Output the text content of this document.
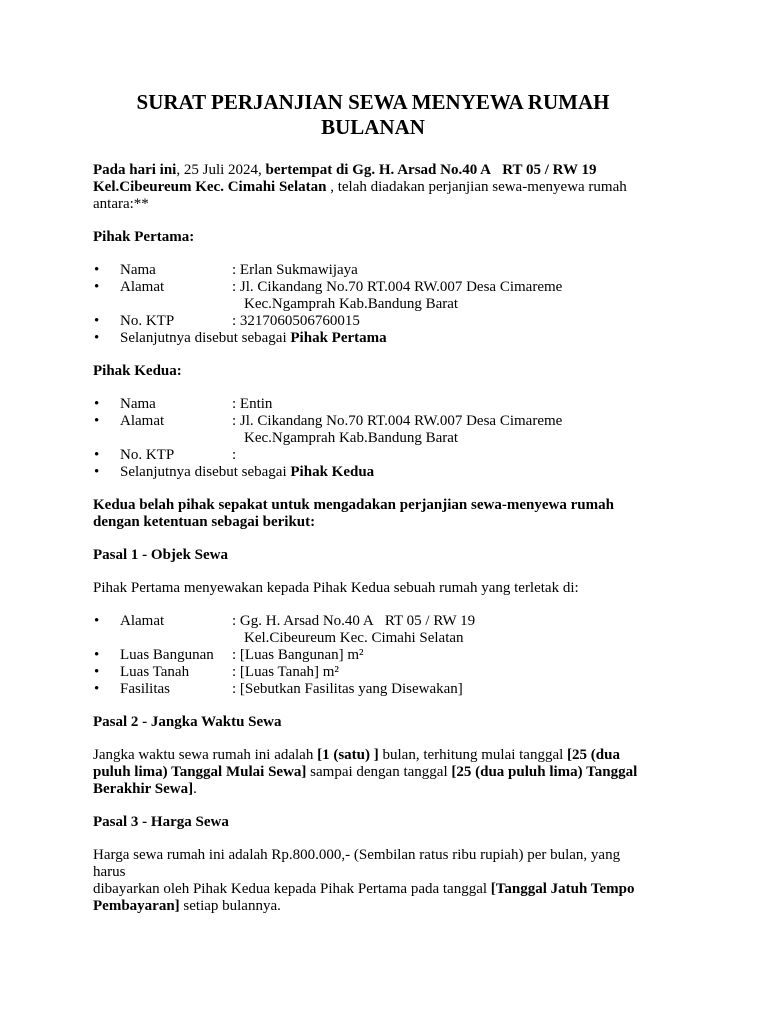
SURAT PERJANJIAN SEWA MENYEWA RUMAH
BULANAN

Pada hari ini, 25 Juli 2024, bertempat di Gg. H. Arsad No.40 A   RT 05 / RW 19
Kel.Cibeureum Kec. Cimahi Selatan , telah diadakan perjanjian sewa-menyewa rumah
antara:**

Pihak Pertama:

•	Nama	: Erlan Sukmawijaya
•	Alamat	: Jl. Cikandang No.70 RT.004 RW.007 Desa Cimareme
Kec.Ngamprah Kab.Bandung Barat
•	No. KTP	: 3217060506760015
•	Selanjutnya disebut sebagai Pihak Pertama

Pihak Kedua:

•	Nama	: Entin
•	Alamat	: Jl. Cikandang No.70 RT.004 RW.007 Desa Cimareme
Kec.Ngamprah Kab.Bandung Barat
•	No. KTP	:
•	Selanjutnya disebut sebagai Pihak Kedua

Kedua belah pihak sepakat untuk mengadakan perjanjian sewa-menyewa rumah
dengan ketentuan sebagai berikut:

Pasal 1 - Objek Sewa

Pihak Pertama menyewakan kepada Pihak Kedua sebuah rumah yang terletak di:

•	Alamat	: Gg. H. Arsad No.40 A   RT 05 / RW 19
Kel.Cibeureum Kec. Cimahi Selatan
•	Luas Bangunan	: [Luas Bangunan] m²
•	Luas Tanah	: [Luas Tanah] m²
•	Fasilitas	: [Sebutkan Fasilitas yang Disewakan]

Pasal 2 - Jangka Waktu Sewa

Jangka waktu sewa rumah ini adalah [1 (satu) ] bulan, terhitung mulai tanggal [25 (dua
puluh lima) Tanggal Mulai Sewa] sampai dengan tanggal [25 (dua puluh lima) Tanggal
Berakhir Sewa].

Pasal 3 - Harga Sewa

Harga sewa rumah ini adalah Rp.800.000,- (Sembilan ratus ribu rupiah) per bulan, yang harus
dibayarkan oleh Pihak Kedua kepada Pihak Pertama pada tanggal [Tanggal Jatuh Tempo
Pembayaran] setiap bulannya.
